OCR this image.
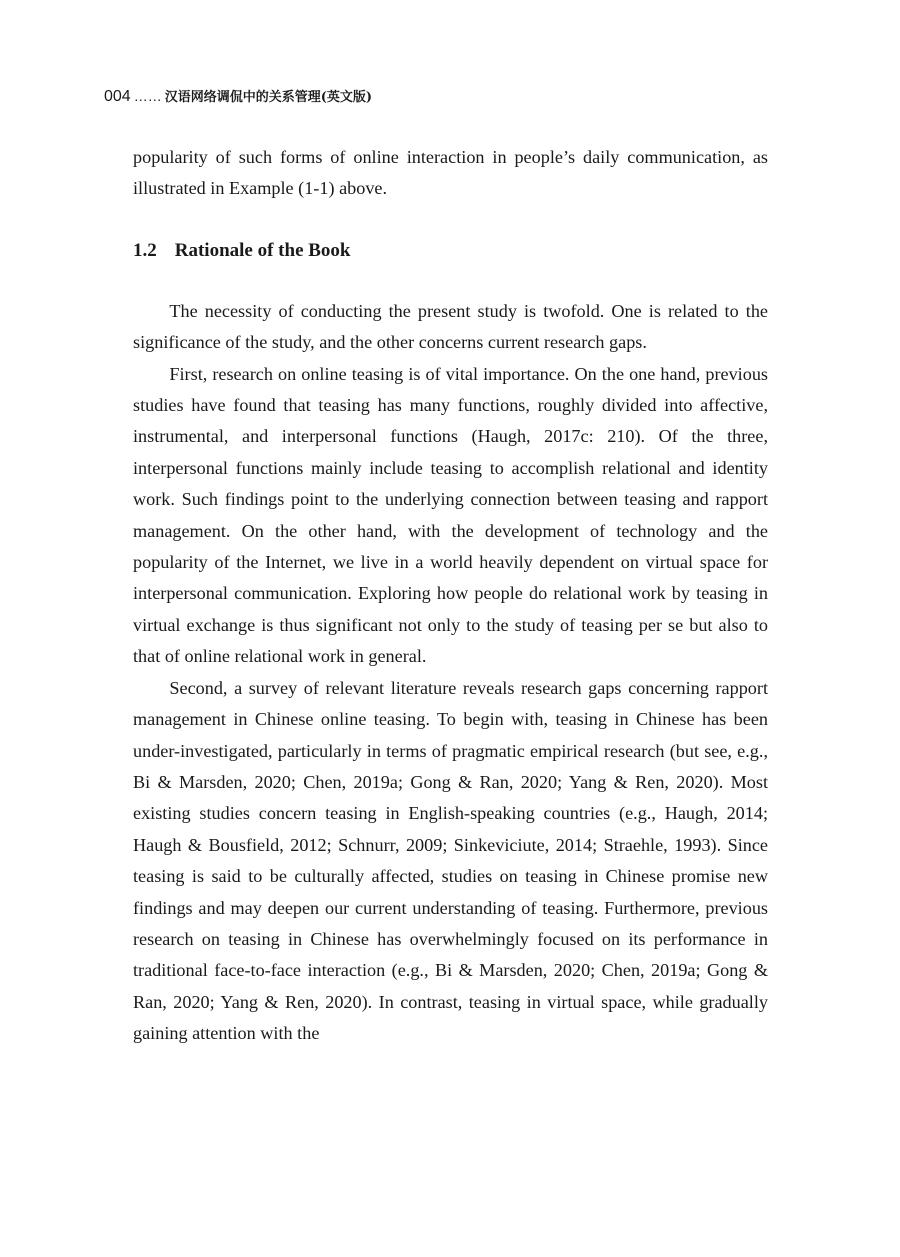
004 …… 汉语网络调侃中的关系管理(英文版)

popularity of such forms of online interaction in people’s daily communication, as illustrated in Example (1-1) above.

1.2 Rationale of the Book

The necessity of conducting the present study is twofold. One is related to the significance of the study, and the other concerns current research gaps.

First, research on online teasing is of vital importance. On the one hand, previous studies have found that teasing has many functions, roughly divided into affective, instrumental, and interpersonal functions (Haugh, 2017c: 210). Of the three, interpersonal functions mainly include teasing to accomplish relational and identity work. Such findings point to the underlying connection between teasing and rapport management. On the other hand, with the development of technology and the popularity of the Internet, we live in a world heavily dependent on virtual space for interpersonal communication. Exploring how people do relational work by teasing in virtual exchange is thus significant not only to the study of teasing per se but also to that of online relational work in general.

Second, a survey of relevant literature reveals research gaps concerning rapport management in Chinese online teasing. To begin with, teasing in Chinese has been under-investigated, particularly in terms of pragmatic empirical research (but see, e.g., Bi & Marsden, 2020; Chen, 2019a; Gong & Ran, 2020; Yang & Ren, 2020). Most existing studies concern teasing in English-speaking countries (e.g., Haugh, 2014; Haugh & Bousfield, 2012; Schnurr, 2009; Sinkeviciute, 2014; Straehle, 1993). Since teasing is said to be culturally affected, studies on teasing in Chinese promise new findings and may deepen our current understanding of teasing. Furthermore, previous research on teasing in Chinese has overwhelmingly focused on its performance in traditional face-to-face interaction (e.g., Bi & Marsden, 2020; Chen, 2019a; Gong & Ran, 2020; Yang & Ren, 2020). In contrast, teasing in virtual space, while gradually gaining attention with the
